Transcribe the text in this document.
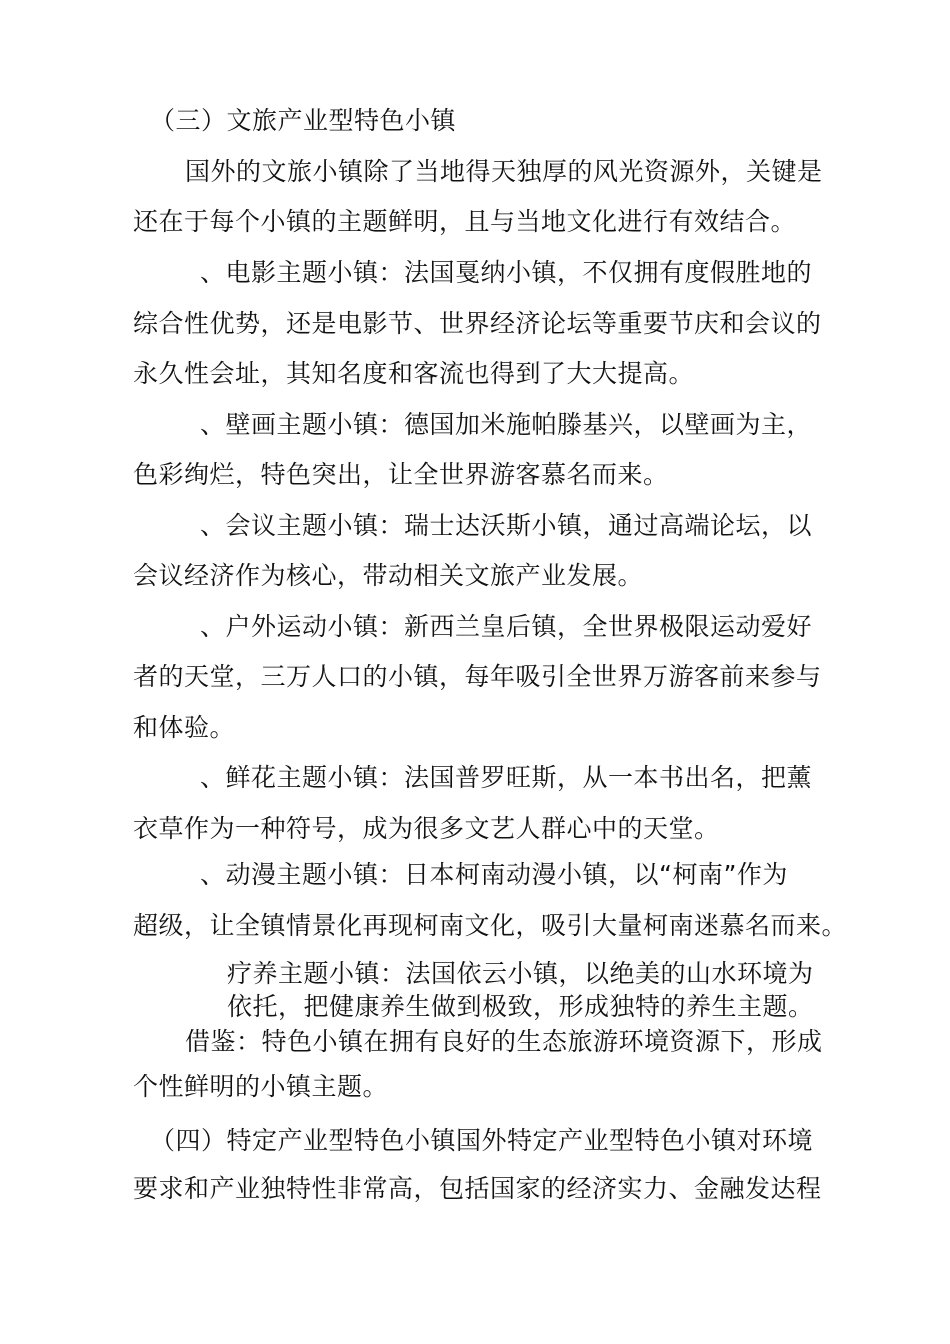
（三）文旅产业型特色小镇
国外的文旅小镇除了当地得天独厚的风光资源外，关键是
还在于每个小镇的主题鲜明，且与当地文化进行有效结合。
、电影主题小镇：法国戛纳小镇，不仅拥有度假胜地的
综合性优势，还是电影节、世界经济论坛等重要节庆和会议的
永久性会址，其知名度和客流也得到了大大提高。
、壁画主题小镇：德国加米施帕滕基兴，以壁画为主，
色彩绚烂，特色突出，让全世界游客慕名而来。
、会议主题小镇：瑞士达沃斯小镇，通过高端论坛，以
会议经济作为核心，带动相关文旅产业发展。
、户外运动小镇：新西兰皇后镇，全世界极限运动爱好
者的天堂，三万人口的小镇，每年吸引全世界万游客前来参与
和体验。
、鲜花主题小镇：法国普罗旺斯，从一本书出名，把薰
衣草作为一种符号，成为很多文艺人群心中的天堂。
、动漫主题小镇：日本柯南动漫小镇，以“柯南”作为
超级，让全镇情景化再现柯南文化，吸引大量柯南迷慕名而来。
疗养主题小镇：法国依云小镇，以绝美的山水环境为
依托，把健康养生做到极致，形成独特的养生主题。
借鉴：特色小镇在拥有良好的生态旅游环境资源下，形成
个性鲜明的小镇主题。
（四）特定产业型特色小镇国外特定产业型特色小镇对环境
要求和产业独特性非常高，包括国家的经济实力、金融发达程
